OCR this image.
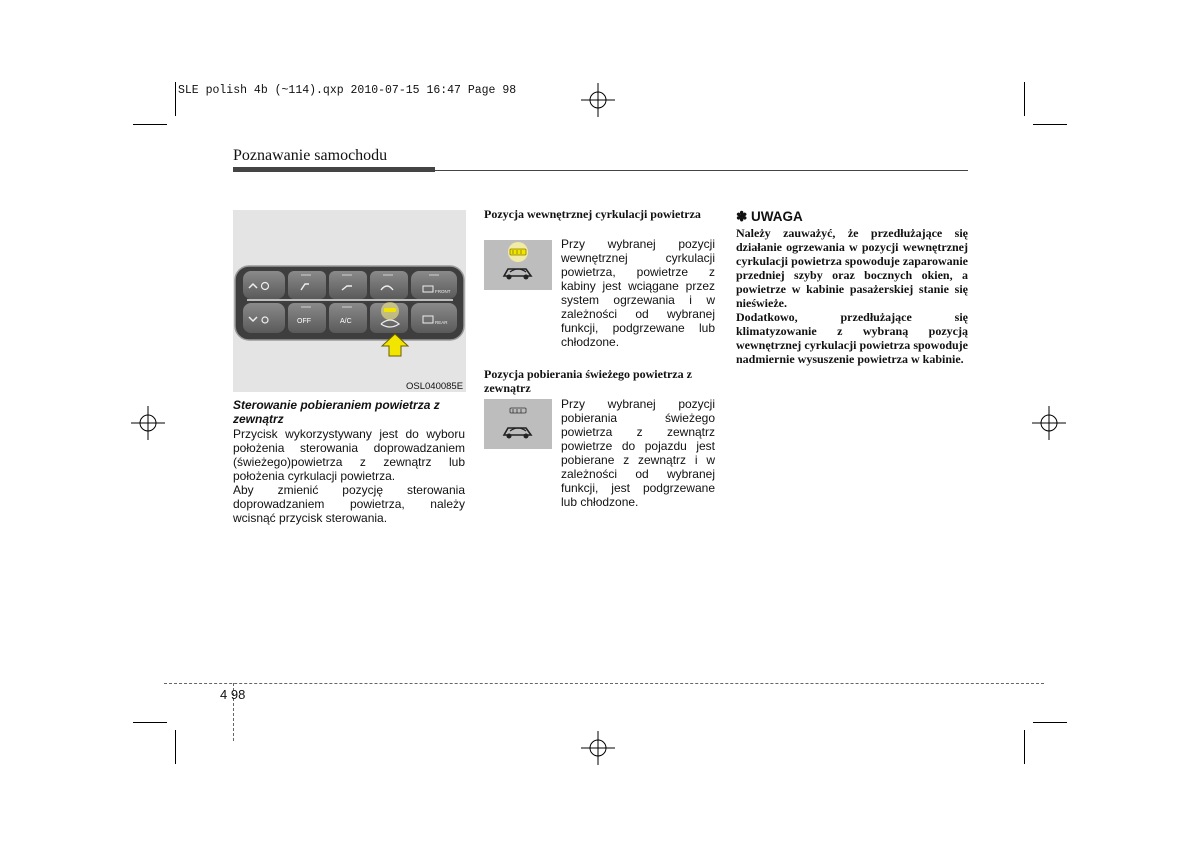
SLE polish 4b (~114).qxp 2010-07-15 16:47 Page 98
Poznawanie samochodu
FRONT
OFF	A/C	REAR
OSL040085E
Sterowanie pobieraniem powietrza z zewnątrz

Przycisk wykorzystywany jest do wyboru położenia sterowania doprowadzaniem (świeżego)powietrza z zewnątrz lub położenia cyrkulacji powietrza.

Aby zmienić pozycję sterowania doprowadzaniem powietrza, należy wcisnąć przycisk sterowania.

Pozycja wewnętrznej cyrkulacji powietrza
Przy wybranej pozycji wewnętrznej cyrkulacji powietrza, powietrze z kabiny jest wciągane przez system ogrzewania i w zależności od wybranej funkcji, podgrzewane lub chłodzone.
Pozycja pobierania świeżego powietrza z zewnątrz
Przy wybranej pozycji pobierania świeżego powietrza z zewnątrz powietrze do pojazdu jest pobierane z zewnątrz i w zależności od wybranej funkcji, jest podgrzewane lub chłodzone.
✽ UWAGA

Należy zauważyć, że przedłużające się działanie ogrzewania w pozycji wewnętrznej cyrkulacji powietrza spowoduje zaparowanie przedniej szyby oraz bocznych okien, a powietrze w kabinie pasażerskiej stanie się nieświeże.

Dodatkowo, przedłużające się klimatyzowanie z wybraną pozycją wewnętrznej cyrkulacji powietrza spowoduje nadmiernie wysuszenie powietrza w kabinie.

4 98
